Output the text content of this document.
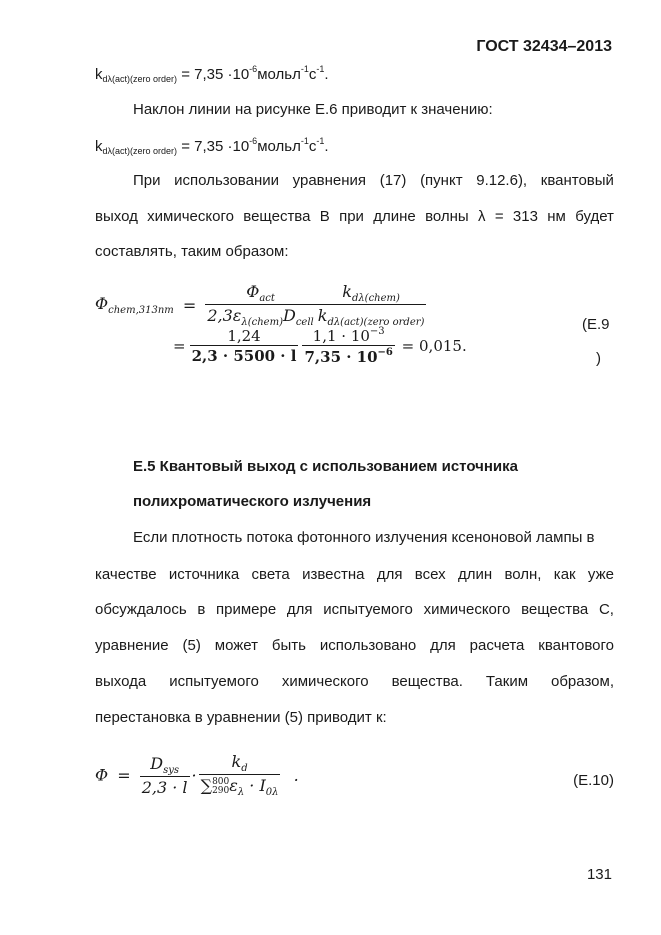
ГОСТ 32434–2013
$k_{d\lambda(act)(zero order)} = 7,35$ $\cdot 10^{-6}мольл^{-1}с^{-1}$.
Наклон линии на рисунке Е.6 приводит к значению:
$k_{d\lambda(act)(zero order)} = 7,35$ $\cdot 10^{-6}мольл^{-1}с^{-1}$.
При использовании уравнения (17) (пункт 9.12.6), квантовый
выход химического вещества В при длине волны λ = 313 нм будет
составлять, таким образом:
$\Phi_{chem,313nm} = \frac{\Phi_{act}}{2,3\varepsilon_{\lambda(chem)}D_{cell}} \frac{k_{d\lambda(chem)}}{k_{d\lambda(act)(zero order)}}$
= $\frac{1,24}{2,3 \cdot 5500 \cdot l} \frac{1,1 \cdot 10^{-3}}{7,35 \cdot 10^{-6}} = 0,015$.
(Е.9
)
Е.5 Квантовый выход с использованием источника
полихроматического излучения
Если плотность потока фотонного излучения ксеноновой лампы в
качестве источника света известна для всех длин волн, как уже
обсуждалось в примере для испытуемого химического вещества С,
уравнение (5) может быть использовано для расчета квантового
выхода испытуемого химического вещества. Таким образом,
перестановка в уравнении (5) приводит к:
$\Phi = \frac{D_{sys}}{2,3 \cdot l} \cdot k_d$
∑ 800
290 $\varepsilon_\lambda \cdot I_{0\lambda}$ .	(Е.10)
131
